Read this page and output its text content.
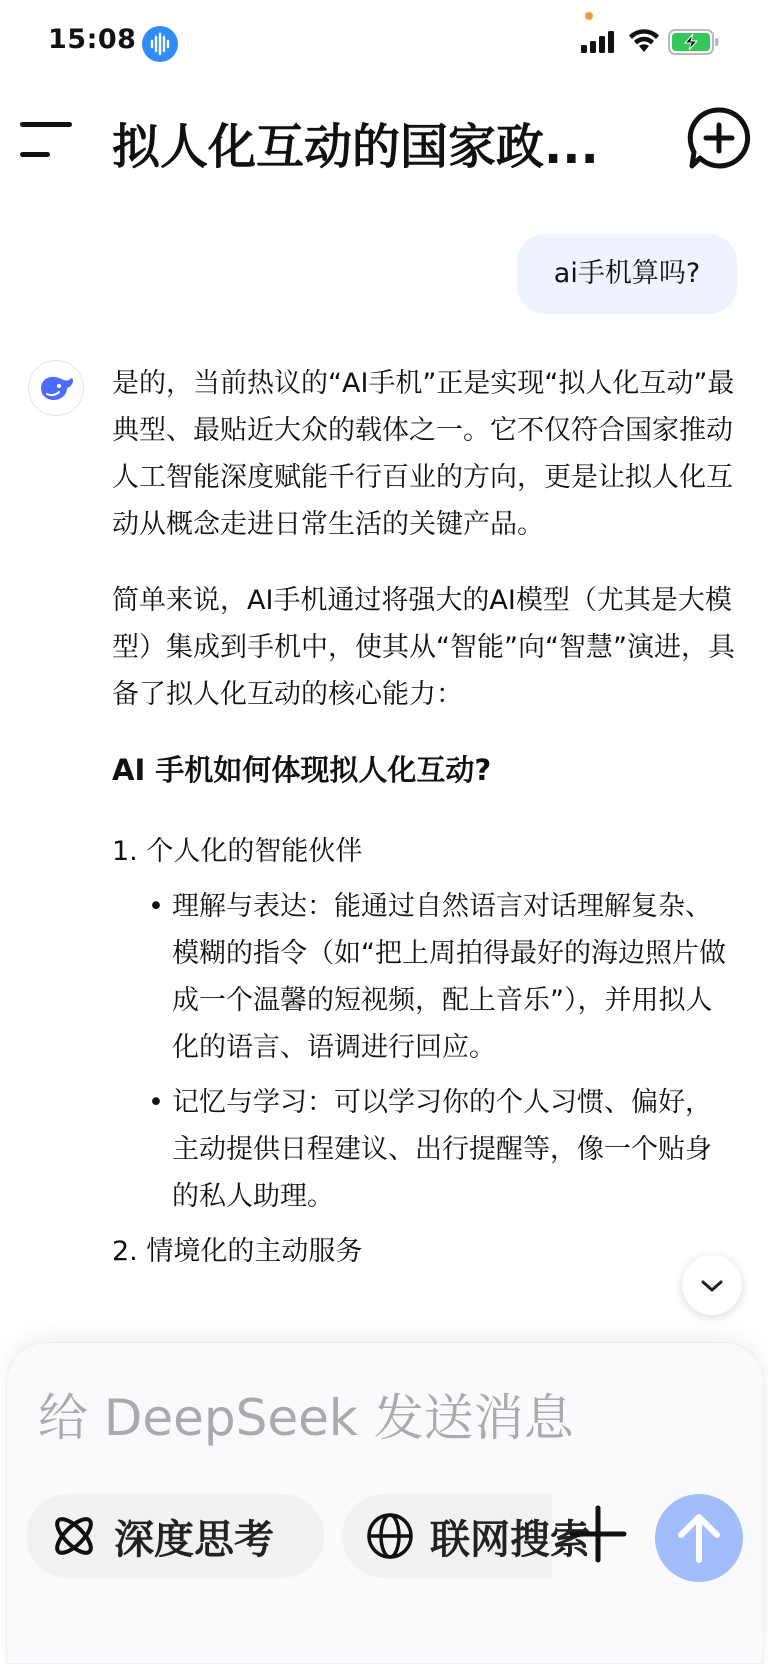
15:08
拟人化互动的国家政...
ai手机算吗?

是的，当前热议的“AI手机”正是实现“拟人化互动”最典型、最贴近大众的载体之一。它不仅符合国家推动人工智能深度赋能千行百业的方向，更是让拟人化互动从概念走进日常生活的关键产品。

简单来说，AI手机通过将强大的AI模型（尤其是大模型）集成到手机中，使其从“智能”向“智慧”演进，具备了拟人化互动的核心能力：

AI 手机如何体现拟人化互动?
1. 个人化的智能伙伴
• 理解与表达：能通过自然语言对话理解复杂、模糊的指令（如“把上周拍得最好的海边照片做成一个温馨的短视频，配上音乐”），并用拟人化的语言、语调进行回应。
• 记忆与学习：可以学习你的个人习惯、偏好，主动提供日程建议、出行提醒等，像一个贴身的私人助理。
2. 情境化的主动服务
给 DeepSeek 发送消息
深度思考	联网搜索
